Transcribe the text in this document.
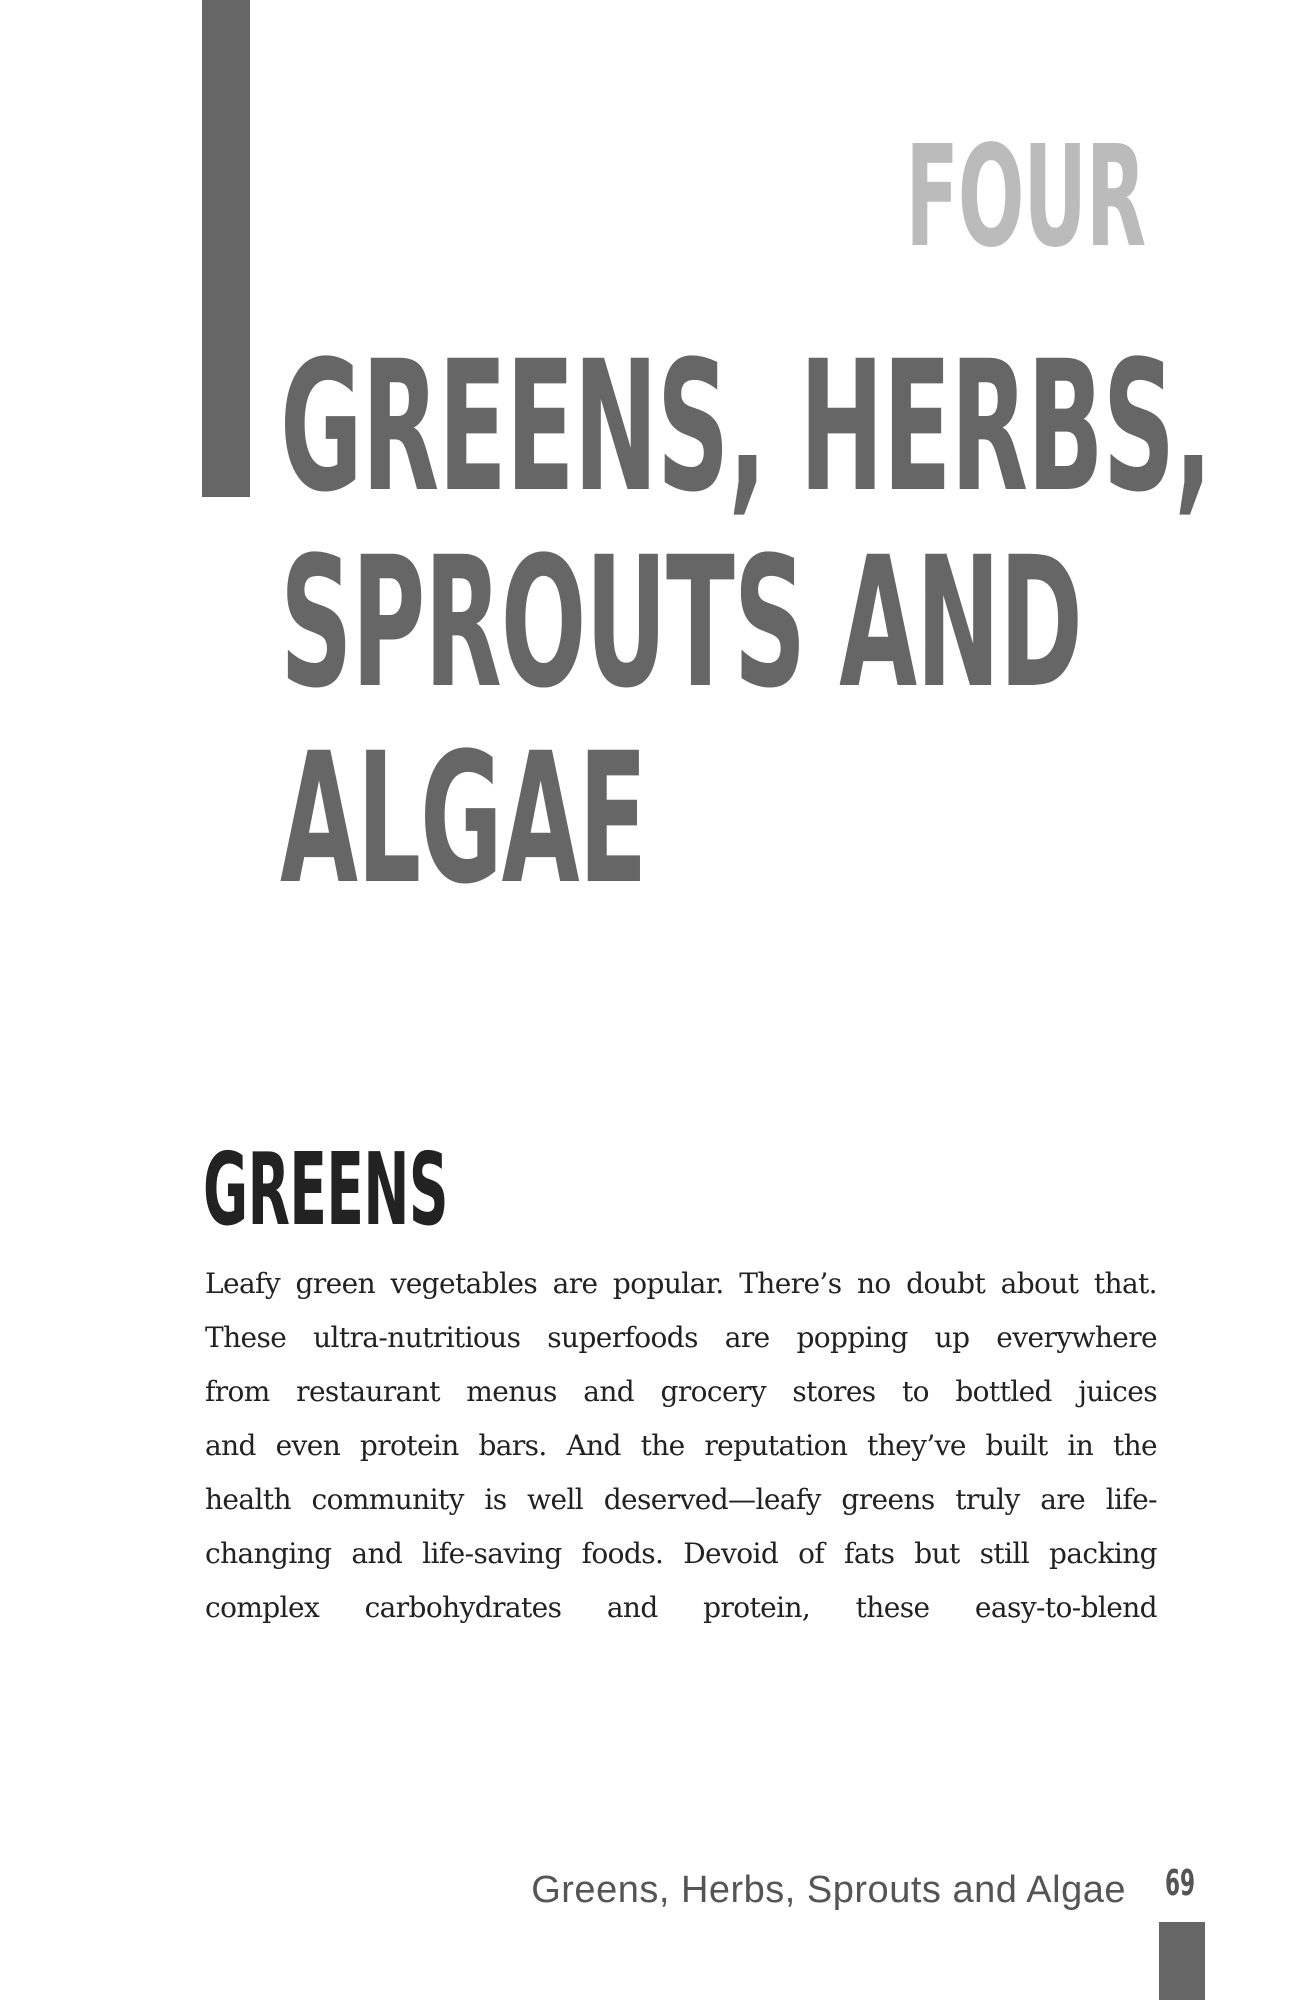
FOUR
GREENS, HERBS,
SPROUTS AND
ALGAE
GREENS

Leafy green vegetables are popular. There’s no doubt about that.
These ultra-nutritious superfoods are popping up everywhere
from restaurant menus and grocery stores to bottled juices
and even protein bars. And the reputation they’ve built in the
health community is well deserved—leafy greens truly are life-
changing and life-saving foods. Devoid of fats but still packing
complex carbohydrates and protein, these easy-to-blend

Greens, Herbs, Sprouts and Algae 69
